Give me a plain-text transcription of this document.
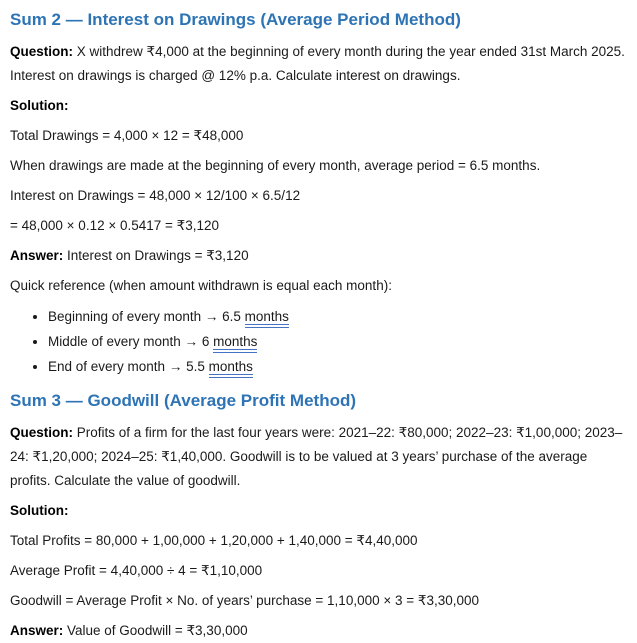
Sum 2 — Interest on Drawings (Average Period Method)

Question: X withdrew ₹4,000 at the beginning of every month during the year ended 31st March 2025. Interest on drawings is charged @ 12% p.a. Calculate interest on drawings.

Solution:

Total Drawings = 4,000 × 12 = ₹48,000

When drawings are made at the beginning of every month, average period = 6.5 months.

Interest on Drawings = 48,000 × 12/100 × 6.5/12

= 48,000 × 0.12 × 0.5417 = ₹3,120

Answer: Interest on Drawings = ₹3,120

Quick reference (when amount withdrawn is equal each month):

• Beginning of every month → 6.5 months
• Middle of every month → 6 months
• End of every month → 5.5 months
Sum 3 — Goodwill (Average Profit Method)

Question: Profits of a firm for the last four years were: 2021–22: ₹80,000; 2022–23: ₹1,00,000; 2023–24: ₹1,20,000; 2024–25: ₹1,40,000. Goodwill is to be valued at 3 years’ purchase of the average profits. Calculate the value of goodwill.

Solution:

Total Profits = 80,000 + 1,00,000 + 1,20,000 + 1,40,000 = ₹4,40,000

Average Profit = 4,40,000 ÷ 4 = ₹1,10,000

Goodwill = Average Profit × No. of years’ purchase = 1,10,000 × 3 = ₹3,30,000

Answer: Value of Goodwill = ₹3,30,000
